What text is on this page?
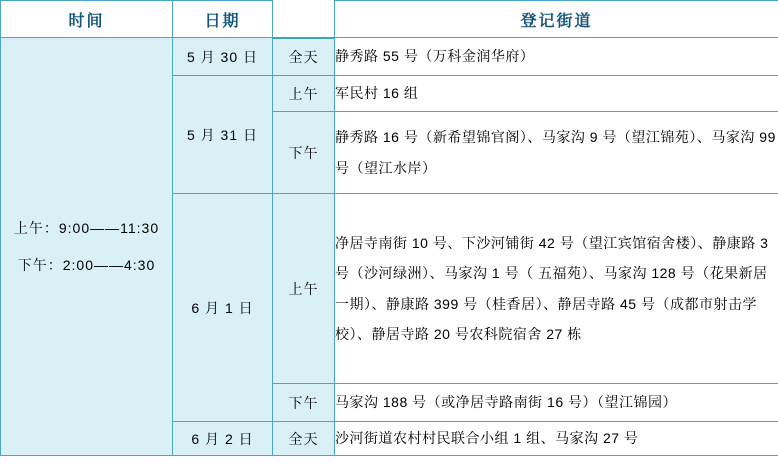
时间	日期		登记街道

上午：9:00——11:30
下午：2:00——4:30	5 月 30 日	全天	静秀路 55 号（万科金润华府）
	5 月 31 日	上午	军民村 16 组
		下午	静秀路 16 号（新希望锦官阁）、马家沟 9 号（望江锦苑）、马家沟 99 号（望江水岸）
	6 月 1 日	上午	净居寺南街 10 号、下沙河铺街 42 号（望江宾馆宿舍楼）、静康路 3 号（沙河绿洲）、马家沟 1 号（ 五福苑）、马家沟 128 号（花果新居一期）、静康路 399 号（桂香居）、静居寺路 45 号（成都市射击学校）、静居寺路 20 号农科院宿舍 27 栋
		下午	马家沟 188 号（或净居寺路南街 16 号）（望江锦园）
	6 月 2 日	全天	沙河街道农村村民联合小组 1 组、马家沟 27 号
